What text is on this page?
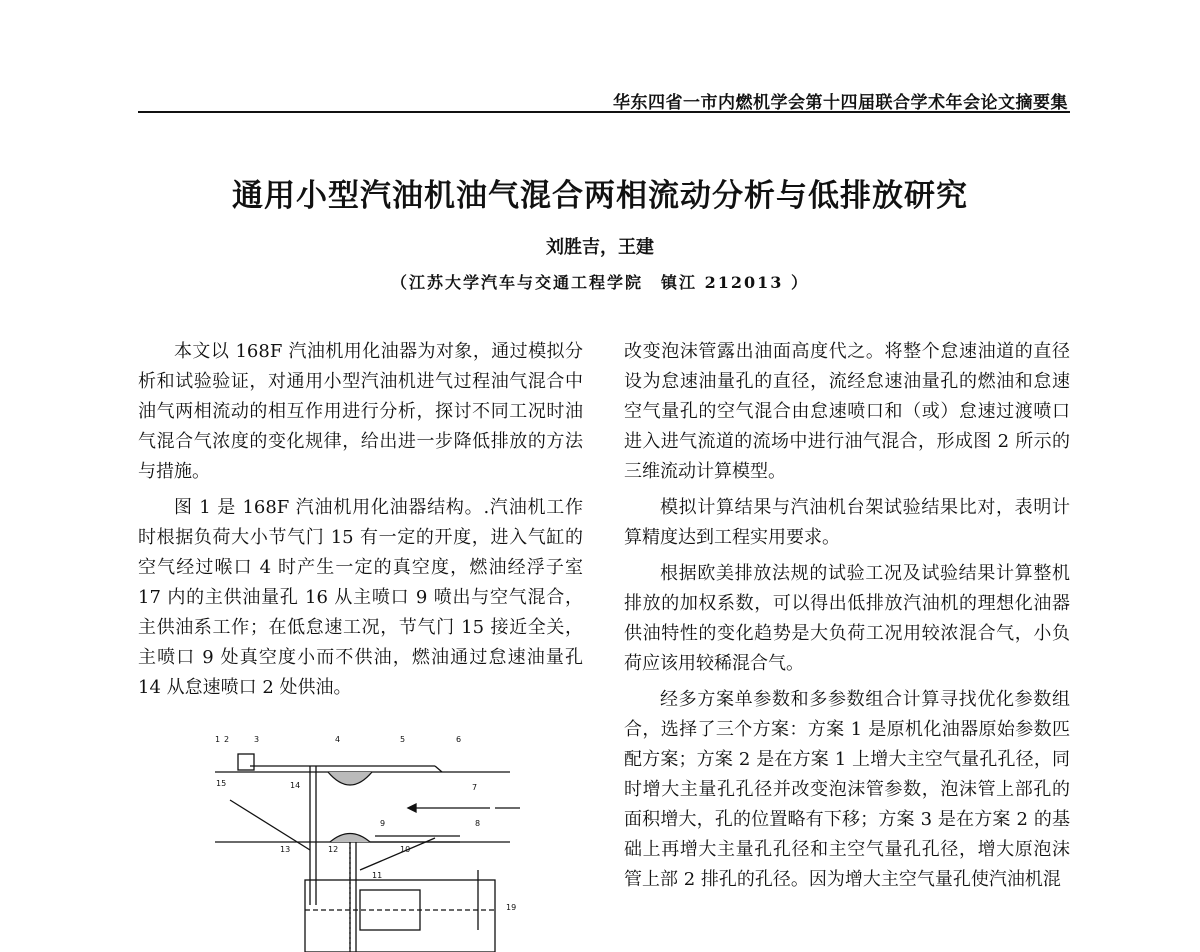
华东四省一市内燃机学会第十四届联合学术年会论文摘要集
通用小型汽油机油气混合两相流动分析与低排放研究
刘胜吉，王建
（江苏大学汽车与交通工程学院　镇江 212013 ）

本文以 168F 汽油机用化油器为对象，通过模拟分析和试验验证，对通用小型汽油机进气过程油气混合中油气两相流动的相互作用进行分析，探讨不同工况时油气混合气浓度的变化规律，给出进一步降低排放的方法与措施。

图 1 是 168F 汽油机用化油器结构。.汽油机工作时根据负荷大小节气门 15 有一定的开度，进入气缸的空气经过喉口 4 时产生一定的真空度，燃油经浮子室 17 内的主供油量孔 16 从主喷口 9 喷出与空气混合，主供油系工作；在低怠速工况，节气门 15 接近全关，主喷口 9 处真空度小而不供油，燃油通过怠速油量孔 14 从怠速喷口 2 处供油。

改变泡沫管露出油面高度代之。将整个怠速油道的直径设为怠速油量孔的直径，流经怠速油量孔的燃油和怠速空气量孔的空气混合由怠速喷口和（或）怠速过渡喷口进入进气流道的流场中进行油气混合，形成图 2 所示的三维流动计算模型。

模拟计算结果与汽油机台架试验结果比对，表明计算精度达到工程实用要求。

根据欧美排放法规的试验工况及试验结果计算整机排放的加权系数，可以得出低排放汽油机的理想化油器供油特性的变化趋势是大负荷工况用较浓混合气，小负荷应该用较稀混合气。

经多方案单参数和多参数组合计算寻找优化参数组合，选择了三个方案：方案 1 是原机化油器原始参数匹配方案；方案 2 是在方案 1 上增大主空气量孔孔径，同时增大主量孔孔径并改变泡沫管参数，泡沫管上部孔的面积增大，孔的位置略有下移；方案 3 是在方案 2 的基础上再增大主量孔孔径和主空气量孔孔径，增大原泡沫管上部 2 排孔的孔径。因为增大主空气量孔使汽油机混

1 2	3	4	5	6
7
8
9
10
11
12
13
14
15
19
